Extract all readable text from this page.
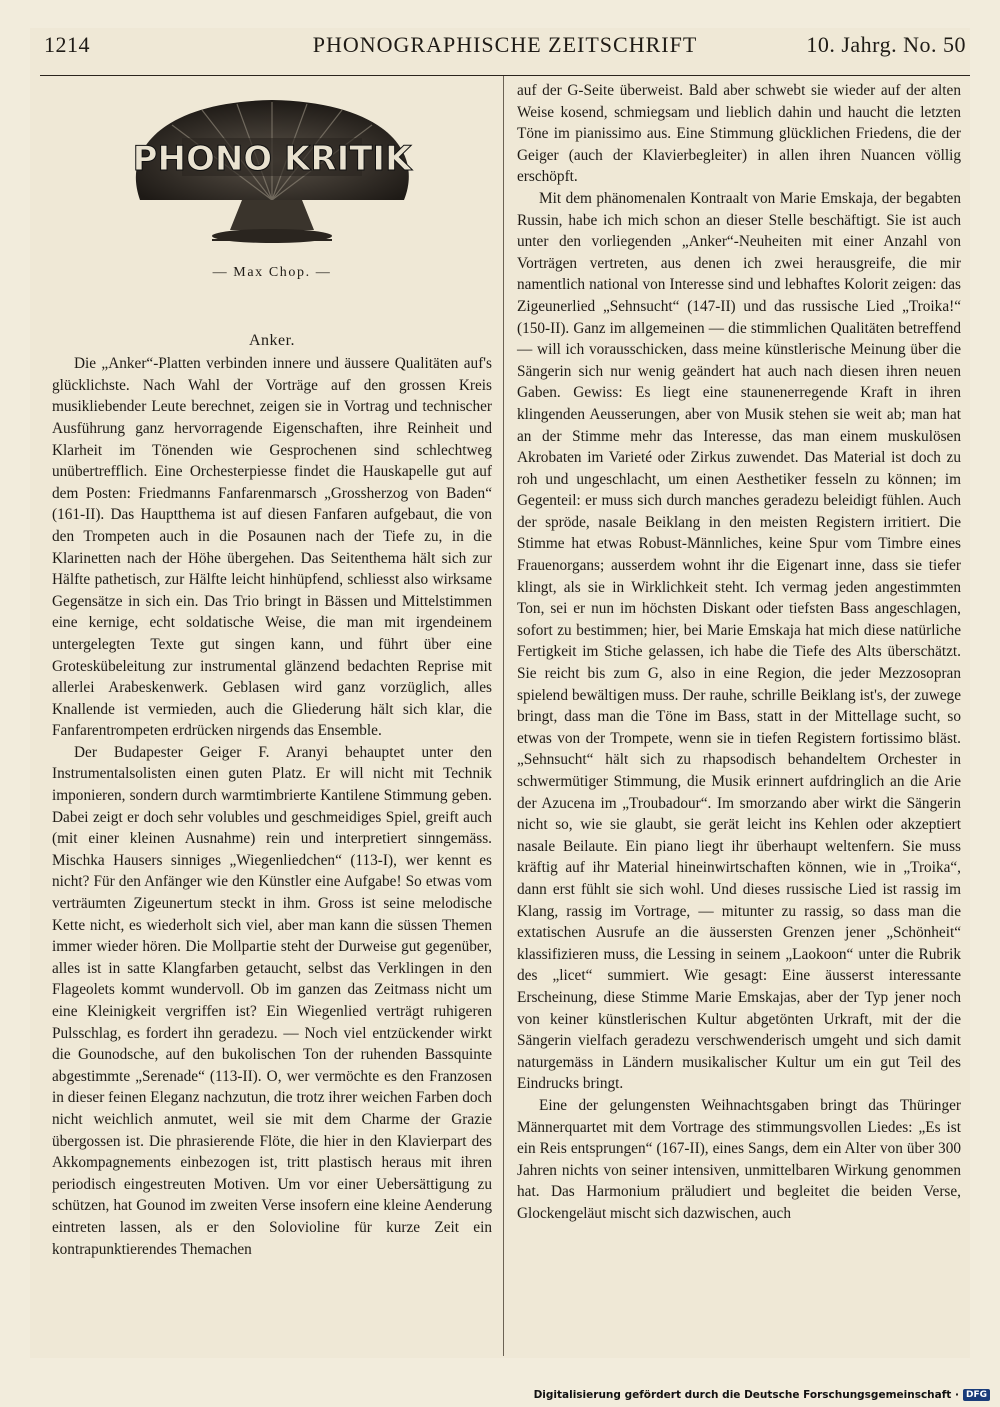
1214	PHONOGRAPHISCHE ZEITSCHRIFT	10. Jahrg. No. 50
PHONO KRITIK
— Max Chop. —
Anker.

Die „Anker“-Platten verbinden innere und äussere Qualitäten auf's glücklichste. Nach Wahl der Vorträge auf den grossen Kreis musikliebender Leute berechnet, zeigen sie in Vortrag und technischer Ausführung ganz hervorragende Eigenschaften, ihre Reinheit und Klarheit im Tönenden wie Gesprochenen sind schlechtweg unübertrefflich. Eine Orchesterpiesse findet die Hauskapelle gut auf dem Posten: Friedmanns Fanfarenmarsch „Grossherzog von Baden“ (161-II). Das Hauptthema ist auf diesen Fanfaren aufgebaut, die von den Trompeten auch in die Posaunen nach der Tiefe zu, in die Klarinetten nach der Höhe übergehen. Das Seitenthema hält sich zur Hälfte pathetisch, zur Hälfte leicht hinhüpfend, schliesst also wirksame Gegensätze in sich ein. Das Trio bringt in Bässen und Mittelstimmen eine kernige, echt soldatische Weise, die man mit irgendeinem untergelegten Texte gut singen kann, und führt über eine Groteskübeleitung zur instrumental glänzend bedachten Reprise mit allerlei Arabeskenwerk. Geblasen wird ganz vorzüglich, alles Knallende ist vermieden, auch die Gliederung hält sich klar, die Fanfarentrompeten erdrücken nirgends das Ensemble.

Der Budapester Geiger F. Aranyi behauptet unter den Instrumentalsolisten einen guten Platz. Er will nicht mit Technik imponieren, sondern durch warmtimbrierte Kantilene Stimmung geben. Dabei zeigt er doch sehr volubles und geschmeidiges Spiel, greift auch (mit einer kleinen Ausnahme) rein und interpretiert sinngemäss. Mischka Hausers sinniges „Wiegenliedchen“ (113-I), wer kennt es nicht? Für den Anfänger wie den Künstler eine Aufgabe! So etwas vom verträumten Zigeunertum steckt in ihm. Gross ist seine melodische Kette nicht, es wiederholt sich viel, aber man kann die süssen Themen immer wieder hören. Die Mollpartie steht der Durweise gut gegenüber, alles ist in satte Klangfarben getaucht, selbst das Verklingen in den Flageolets kommt wundervoll. Ob im ganzen das Zeitmass nicht um eine Kleinigkeit vergriffen ist? Ein Wiegenlied verträgt ruhigeren Pulsschlag, es fordert ihn geradezu. — Noch viel entzückender wirkt die Gounodsche, auf den bukolischen Ton der ruhenden Bassquinte abgestimmte „Serenade“ (113-II). O, wer vermöchte es den Franzosen in dieser feinen Eleganz nachzutun, die trotz ihrer weichen Farben doch nicht weichlich anmutet, weil sie mit dem Charme der Grazie übergossen ist. Die phrasierende Flöte, die hier in den Klavierpart des Akkompagnements einbezogen ist, tritt plastisch heraus mit ihren periodisch eingestreuten Motiven. Um vor einer Uebersättigung zu schützen, hat Gounod im zweiten Verse insofern eine kleine Aenderung eintreten lassen, als er den Solovioline für kurze Zeit ein kontrapunktierendes Themachen

auf der G-Seite überweist. Bald aber schwebt sie wieder auf der alten Weise kosend, schmiegsam und lieblich dahin und haucht die letzten Töne im pianissimo aus. Eine Stimmung glücklichen Friedens, die der Geiger (auch der Klavierbegleiter) in allen ihren Nuancen völlig erschöpft.

Mit dem phänomenalen Kontraalt von Marie Emskaja, der begabten Russin, habe ich mich schon an dieser Stelle beschäftigt. Sie ist auch unter den vorliegenden „Anker“-Neuheiten mit einer Anzahl von Vorträgen vertreten, aus denen ich zwei herausgreife, die mir namentlich national von Interesse sind und lebhaftes Kolorit zeigen: das Zigeunerlied „Sehnsucht“ (147-II) und das russische Lied „Troika!“ (150-II). Ganz im allgemeinen — die stimmlichen Qualitäten betreffend — will ich vorausschicken, dass meine künstlerische Meinung über die Sängerin sich nur wenig geändert hat auch nach diesen ihren neuen Gaben. Gewiss: Es liegt eine staunenerregende Kraft in ihren klingenden Aeusserungen, aber von Musik stehen sie weit ab; man hat an der Stimme mehr das Interesse, das man einem muskulösen Akrobaten im Varieté oder Zirkus zuwendet. Das Material ist doch zu roh und ungeschlacht, um einen Aesthetiker fesseln zu können; im Gegenteil: er muss sich durch manches geradezu beleidigt fühlen. Auch der spröde, nasale Beiklang in den meisten Registern irritiert. Die Stimme hat etwas Robust-Männliches, keine Spur vom Timbre eines Frauenorgans; ausserdem wohnt ihr die Eigenart inne, dass sie tiefer klingt, als sie in Wirklichkeit steht. Ich vermag jeden angestimmten Ton, sei er nun im höchsten Diskant oder tiefsten Bass angeschlagen, sofort zu bestimmen; hier, bei Marie Emskaja hat mich diese natürliche Fertigkeit im Stiche gelassen, ich habe die Tiefe des Alts überschätzt. Sie reicht bis zum G, also in eine Region, die jeder Mezzosopran spielend bewältigen muss. Der rauhe, schrille Beiklang ist's, der zuwege bringt, dass man die Töne im Bass, statt in der Mittellage sucht, so etwas von der Trompete, wenn sie in tiefen Registern fortissimo bläst. „Sehnsucht“ hält sich zu rhapsodisch behandeltem Orchester in schwermütiger Stimmung, die Musik erinnert aufdringlich an die Arie der Azucena im „Troubadour“. Im smorzando aber wirkt die Sängerin nicht so, wie sie glaubt, sie gerät leicht ins Kehlen oder akzeptiert nasale Beilaute. Ein piano liegt ihr überhaupt weltenfern. Sie muss kräftig auf ihr Material hineinwirtschaften können, wie in „Troika“, dann erst fühlt sie sich wohl. Und dieses russische Lied ist rassig im Klang, rassig im Vortrage, — mitunter zu rassig, so dass man die extatischen Ausrufe an die äussersten Grenzen jener „Schönheit“ klassifizieren muss, die Lessing in seinem „Laokoon“ unter die Rubrik des „licet“ summiert. Wie gesagt: Eine äusserst interessante Erscheinung, diese Stimme Marie Emskajas, aber der Typ jener noch von keiner künstlerischen Kultur abgetönten Urkraft, mit der die Sängerin vielfach geradezu verschwenderisch umgeht und sich damit naturgemäss in Ländern musikalischer Kultur um ein gut Teil des Eindrucks bringt.

Eine der gelungensten Weihnachtsgaben bringt das Thüringer Männerquartet mit dem Vortrage des stimmungsvollen Liedes: „Es ist ein Reis entsprungen“ (167-II), eines Sangs, dem ein Alter von über 300 Jahren nichts von seiner intensiven, unmittelbaren Wirkung genommen hat. Das Harmonium präludiert und begleitet die beiden Verse, Glockengeläut mischt sich dazwischen, auch

Digitalisierung gefördert durch die Deutsche Forschungsgemeinschaft · DFG
